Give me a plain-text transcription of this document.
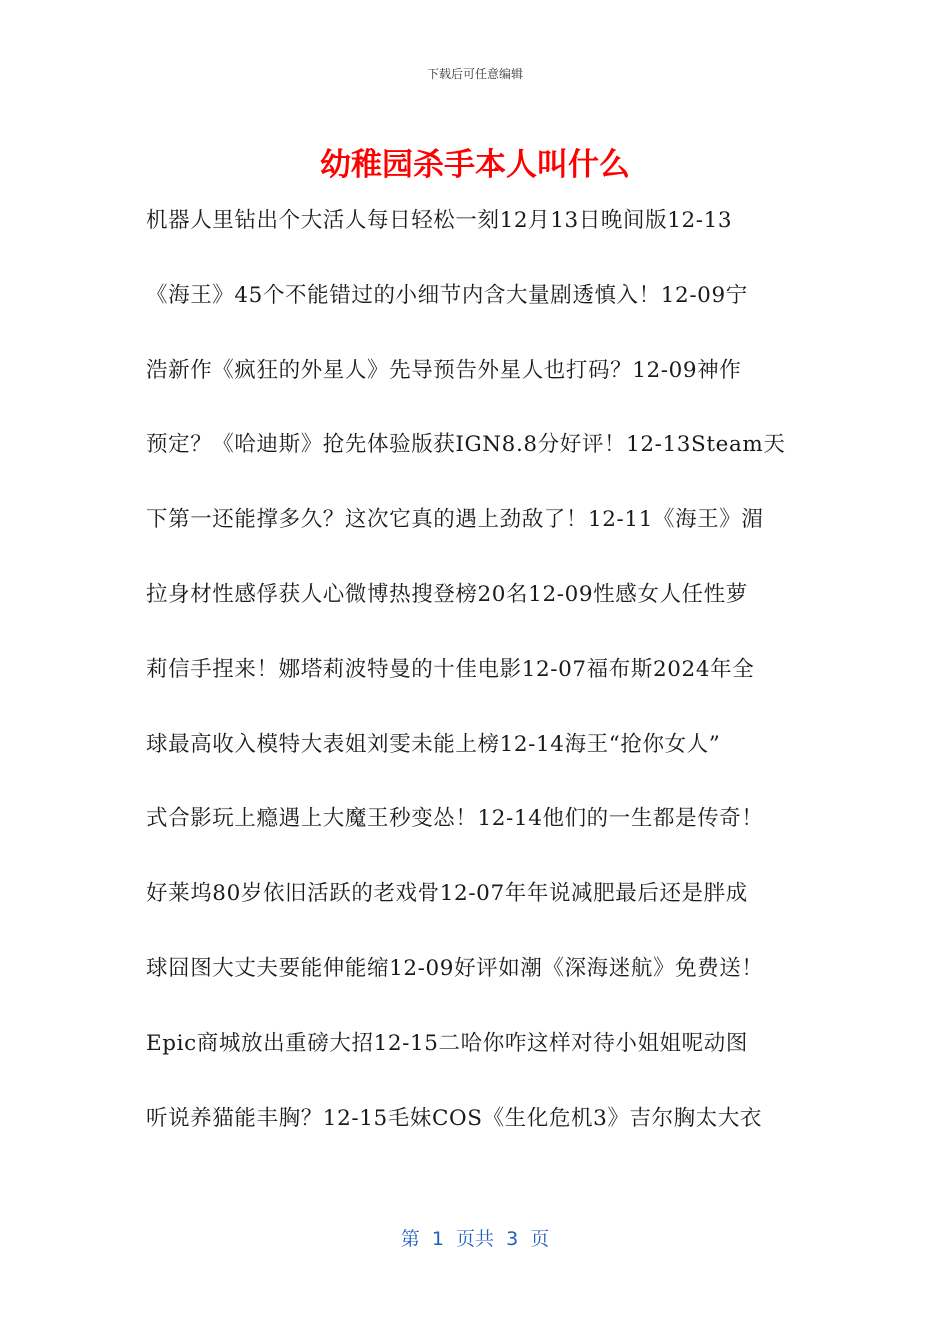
下载后可任意编辑
幼稚园杀手本人叫什么
机器人里钻出个大活人每日轻松一刻12月13日晚间版12-13
《海王》45个不能错过的小细节内含大量剧透慎入！12-09宁
浩新作《疯狂的外星人》先导预告外星人也打码？12-09神作
预定？《哈迪斯》抢先体验版获IGN8.8分好评！12-13Steam天
下第一还能撑多久？这次它真的遇上劲敌了！12-11《海王》湄
拉身材性感俘获人心微博热搜登榜20名12-09性感女人任性萝
莉信手捏来！娜塔莉波特曼的十佳电影12-07福布斯2024年全
球最高收入模特大表姐刘雯未能上榜12-14海王“抢你女人”
式合影玩上瘾遇上大魔王秒变怂！12-14他们的一生都是传奇！
好莱坞80岁依旧活跃的老戏骨12-07年年说减肥最后还是胖成
球囧图大丈夫要能伸能缩12-09好评如潮《深海迷航》免费送！
Epic商城放出重磅大招12-15二哈你咋这样对待小姐姐呢动图
听说养猫能丰胸？12-15毛妹COS《生化危机3》吉尔胸太大衣
第  1  页共  3  页
